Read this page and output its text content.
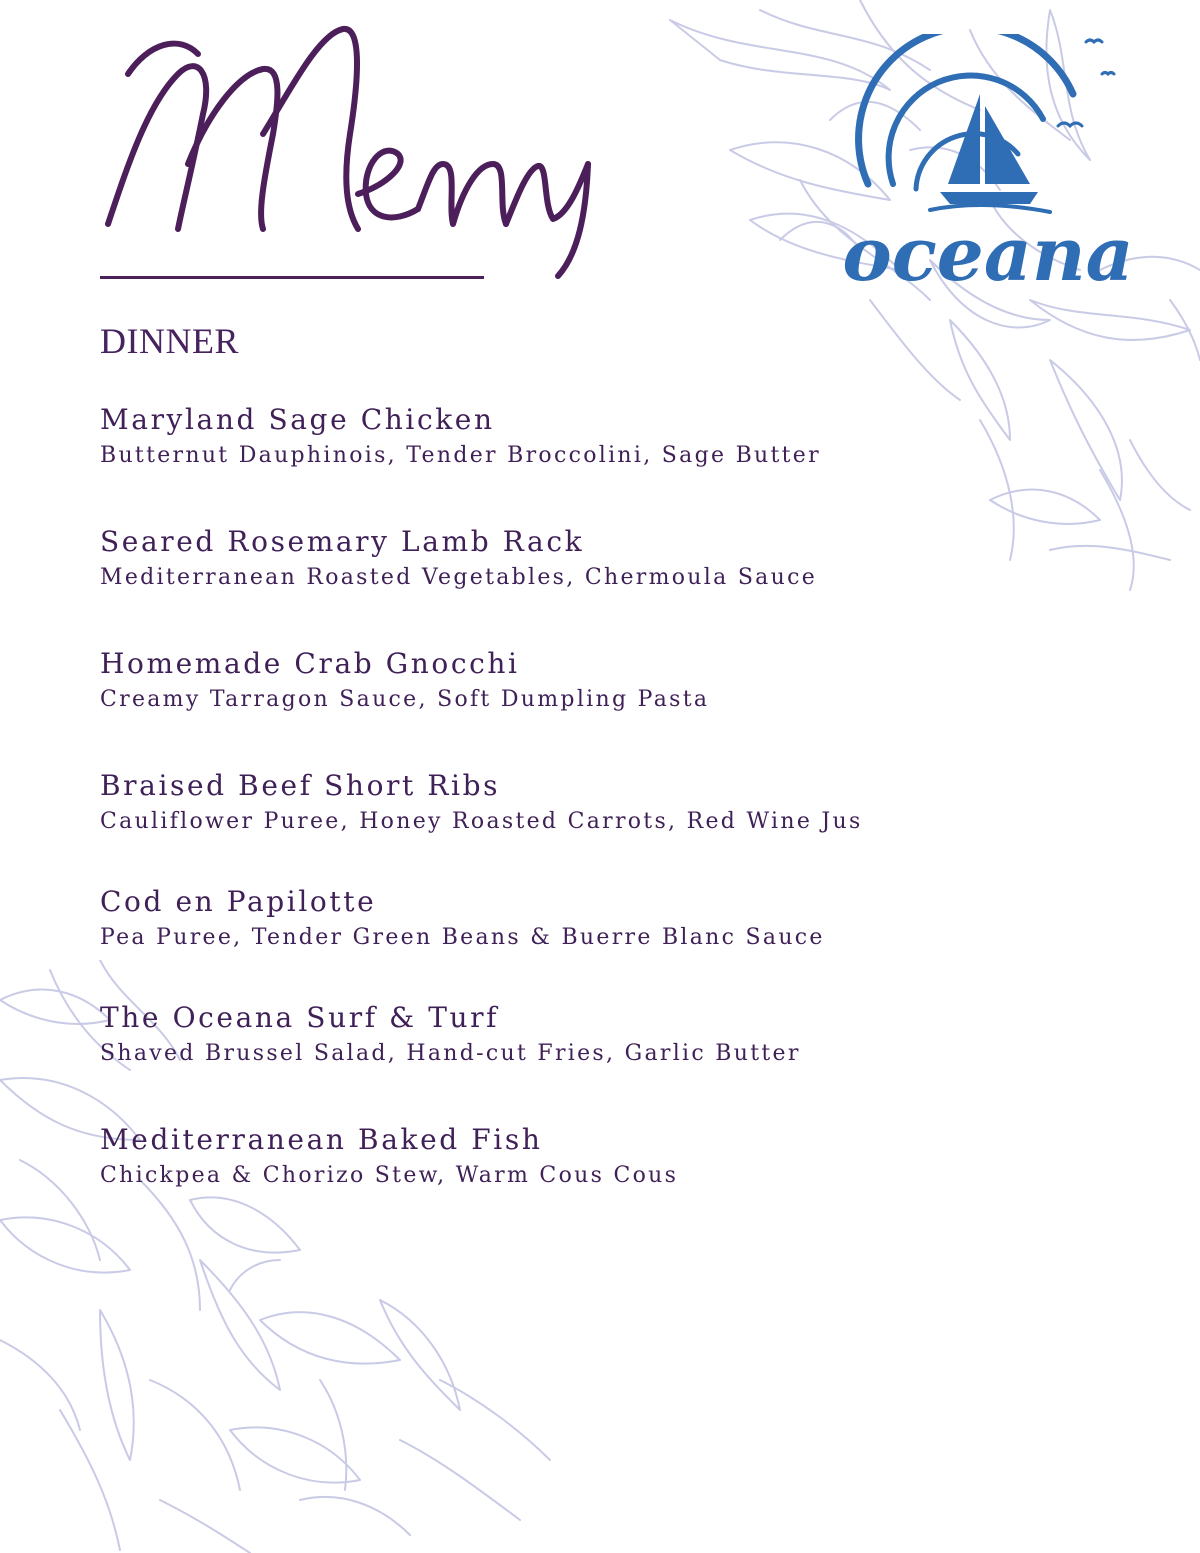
oceana
DINNER
Maryland Sage Chicken
Butternut Dauphinois, Tender Broccolini, Sage Butter
Seared Rosemary Lamb Rack
Mediterranean Roasted Vegetables, Chermoula Sauce
Homemade Crab Gnocchi
Creamy Tarragon Sauce, Soft Dumpling Pasta
Braised Beef Short Ribs
Cauliflower Puree, Honey Roasted Carrots, Red Wine Jus
Cod en Papilotte
Pea Puree, Tender Green Beans & Buerre Blanc Sauce
The Oceana Surf & Turf
Shaved Brussel Salad, Hand-cut Fries, Garlic Butter
Mediterranean Baked Fish
Chickpea & Chorizo Stew, Warm Cous Cous
